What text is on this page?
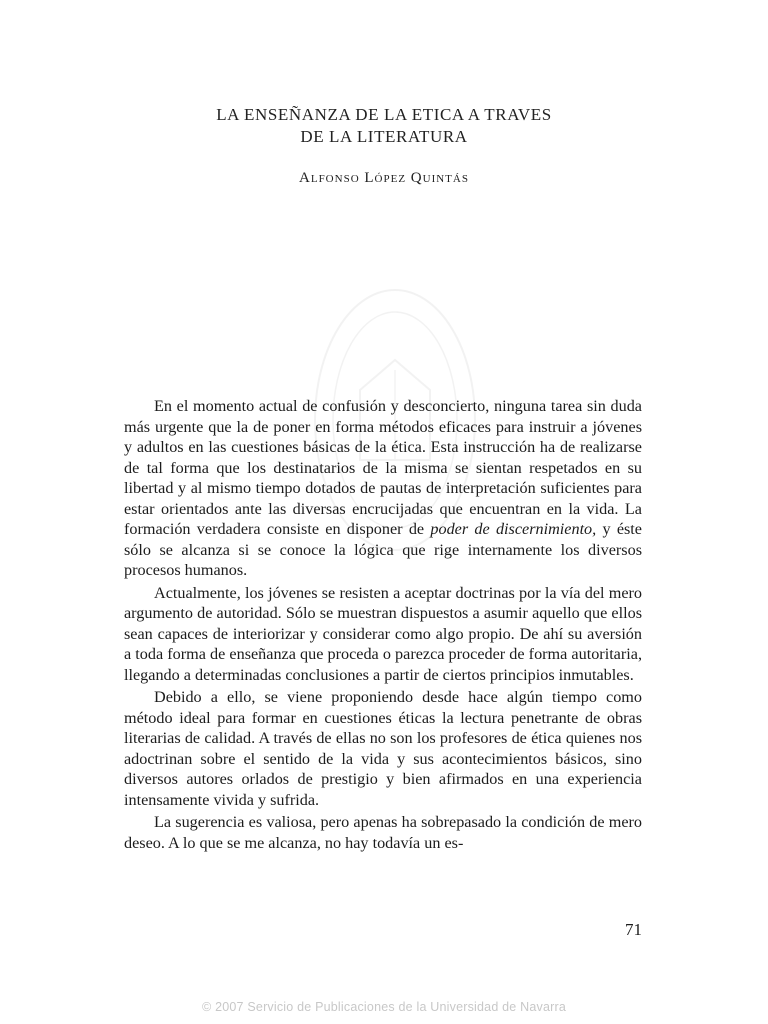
LA ENSEÑANZA DE LA ETICA A TRAVES
DE LA LITERATURA
Alfonso López Quintás

En el momento actual de confusión y desconcierto, ninguna tarea sin duda más urgente que la de poner en forma métodos eficaces para instruir a jóvenes y adultos en las cuestiones básicas de la ética. Esta instrucción ha de realizarse de tal forma que los destinatarios de la misma se sientan respetados en su libertad y al mismo tiempo dotados de pautas de interpretación suficientes para estar orientados ante las diversas encrucijadas que encuentran en la vida. La formación verdadera consiste en disponer de poder de discernimiento, y éste sólo se alcanza si se conoce la lógica que rige internamente los diversos procesos humanos.

Actualmente, los jóvenes se resisten a aceptar doctrinas por la vía del mero argumento de autoridad. Sólo se muestran dispuestos a asumir aquello que ellos sean capaces de interiorizar y considerar como algo propio. De ahí su aversión a toda forma de enseñanza que proceda o parezca proceder de forma autoritaria, llegando a determinadas conclusiones a partir de ciertos principios inmutables.

Debido a ello, se viene proponiendo desde hace algún tiempo como método ideal para formar en cuestiones éticas la lectura penetrante de obras literarias de calidad. A través de ellas no son los profesores de ética quienes nos adoctrinan sobre el sentido de la vida y sus acontecimientos básicos, sino diversos autores orlados de prestigio y bien afirmados en una experiencia intensamente vivida y sufrida.

La sugerencia es valiosa, pero apenas ha sobrepasado la condición de mero deseo. A lo que se me alcanza, no hay todavía un es-

71
© 2007 Servicio de Publicaciones de la Universidad de Navarra
